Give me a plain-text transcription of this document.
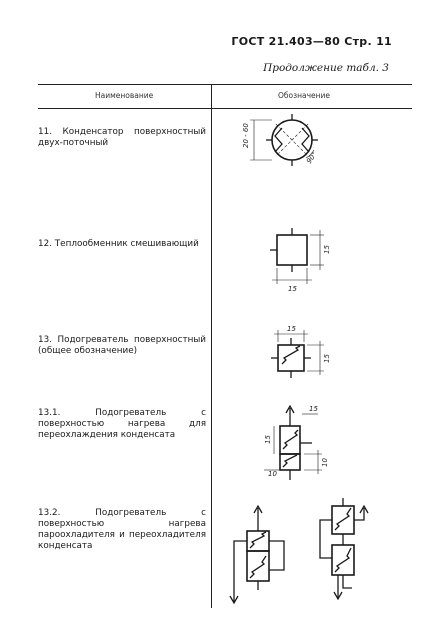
ГОСТ 21.403—80 Стр. 11
Продолжение табл. 3
Наименование	Обозначение
11. Конденсатор поверхностный двух-поточный
12. Теплообменник смешивающий
13. Подогреватель поверхностный (общее обозначение)
13.1. Подогреватель с поверхностью нагрева для переохлаждения конденсата
13.2. Подогреватель с поверхностью нагрева пароохладителя и переохладителя конденсата
20 - 60
90°
15
15
15
15
15
15
10
10
